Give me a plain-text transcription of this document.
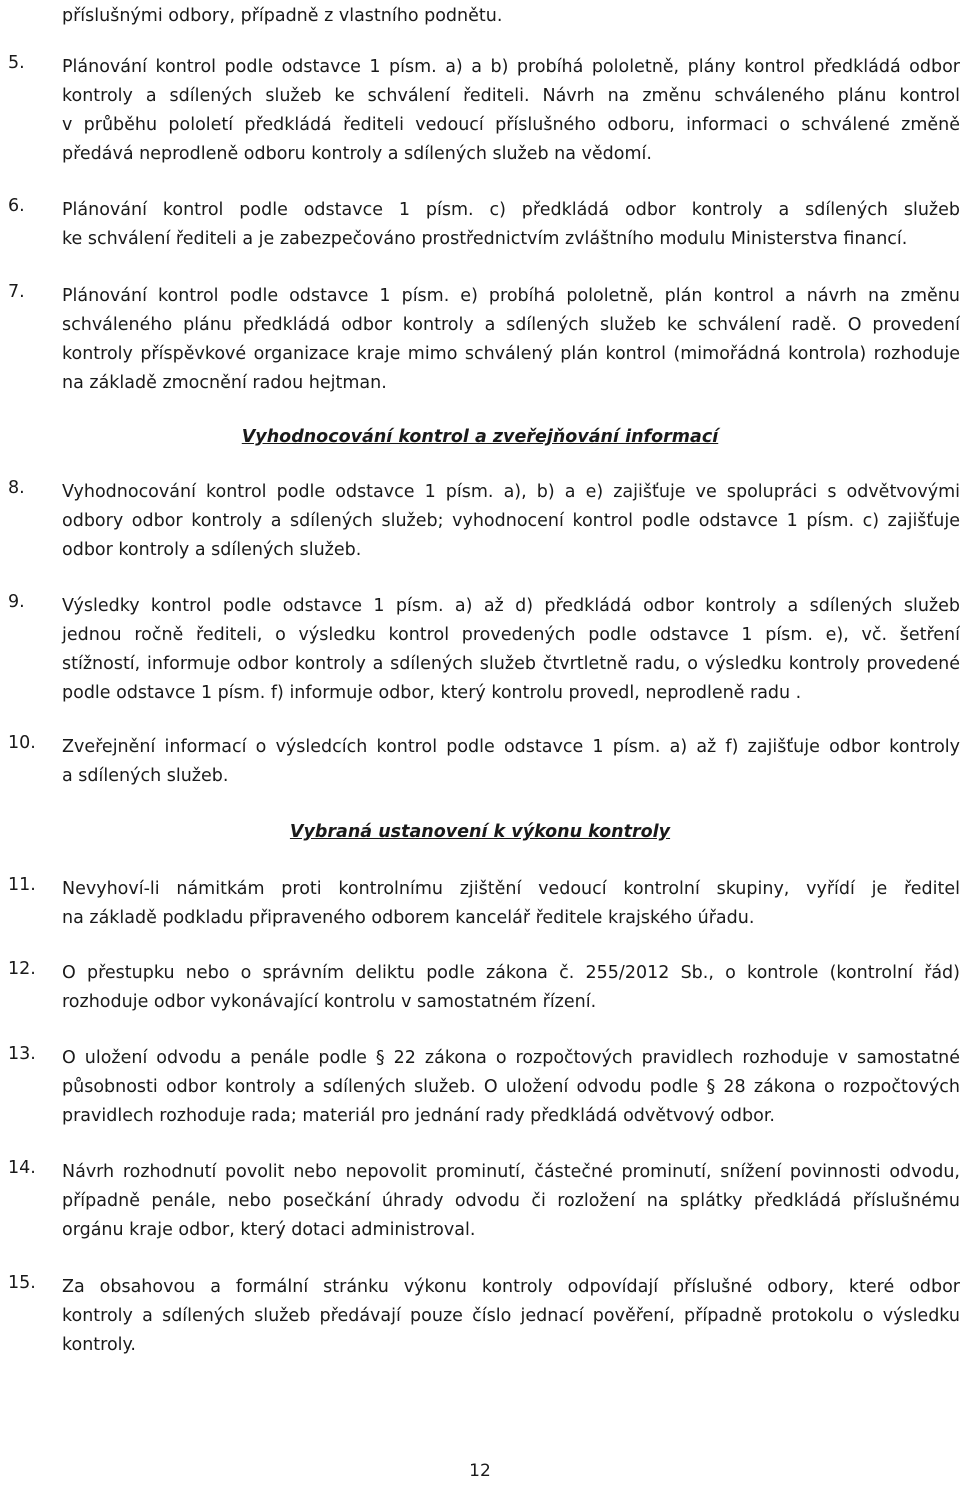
příslušnými odbory, případně z vlastního podnětu.
5. Plánování kontrol podle odstavce 1 písm. a) a b) probíhá pololetně, plány kontrol předkládá odbor
kontroly a sdílených služeb ke schválení řediteli. Návrh na změnu schváleného plánu kontrol
v průběhu pololetí předkládá řediteli vedoucí příslušného odboru, informaci o schválené změně
předává neprodleně odboru kontroly a sdílených služeb na vědomí.
6. Plánování kontrol podle odstavce 1 písm. c) předkládá odbor kontroly a sdílených služeb
ke schválení řediteli a je zabezpečováno prostřednictvím zvláštního modulu Ministerstva financí.
7. Plánování kontrol podle odstavce 1 písm. e) probíhá pololetně, plán kontrol a návrh na změnu
schváleného plánu předkládá odbor kontroly a sdílených služeb ke schválení radě. O provedení
kontroly příspěvkové organizace kraje mimo schválený plán kontrol (mimořádná kontrola) rozhoduje
na základě zmocnění radou hejtman.
Vyhodnocování kontrol a zveřejňování informací
8. Vyhodnocování kontrol podle odstavce 1 písm. a), b) a e) zajišťuje ve spolupráci s odvětvovými
odbory odbor kontroly a sdílených služeb; vyhodnocení kontrol podle odstavce 1 písm. c) zajišťuje
odbor kontroly a sdílených služeb.
9. Výsledky kontrol podle odstavce 1 písm. a) až d) předkládá odbor kontroly a sdílených služeb
jednou ročně řediteli, o výsledku kontrol provedených podle odstavce 1 písm. e), vč. šetření
stížností, informuje odbor kontroly a sdílených služeb čtvrtletně radu, o výsledku kontroly provedené
podle odstavce 1 písm. f) informuje odbor, který kontrolu provedl, neprodleně radu .
10. Zveřejnění informací o výsledcích kontrol podle odstavce 1 písm. a) až f) zajišťuje odbor kontroly
a sdílených služeb.
Vybraná ustanovení k výkonu kontroly
11. Nevyhoví-li námitkám proti kontrolnímu zjištění vedoucí kontrolní skupiny, vyřídí je ředitel
na základě podkladu připraveného odborem kancelář ředitele krajského úřadu.
12. O přestupku nebo o správním deliktu podle zákona č. 255/2012 Sb., o kontrole (kontrolní řád)
rozhoduje odbor vykonávající kontrolu v samostatném řízení.
13. O uložení odvodu a penále podle § 22 zákona o rozpočtových pravidlech rozhoduje v samostatné
působnosti odbor kontroly a sdílených služeb. O uložení odvodu podle § 28 zákona o rozpočtových
pravidlech rozhoduje rada; materiál pro jednání rady předkládá odvětvový odbor.
14. Návrh rozhodnutí povolit nebo nepovolit prominutí, částečné prominutí, snížení povinnosti odvodu,
případně penále, nebo posečkání úhrady odvodu či rozložení na splátky předkládá příslušnému
orgánu kraje odbor, který dotaci administroval.
15. Za obsahovou a formální stránku výkonu kontroly odpovídají příslušné odbory, které odbor
kontroly a sdílených služeb předávají pouze číslo jednací pověření, případně protokolu o výsledku
kontroly.
12
